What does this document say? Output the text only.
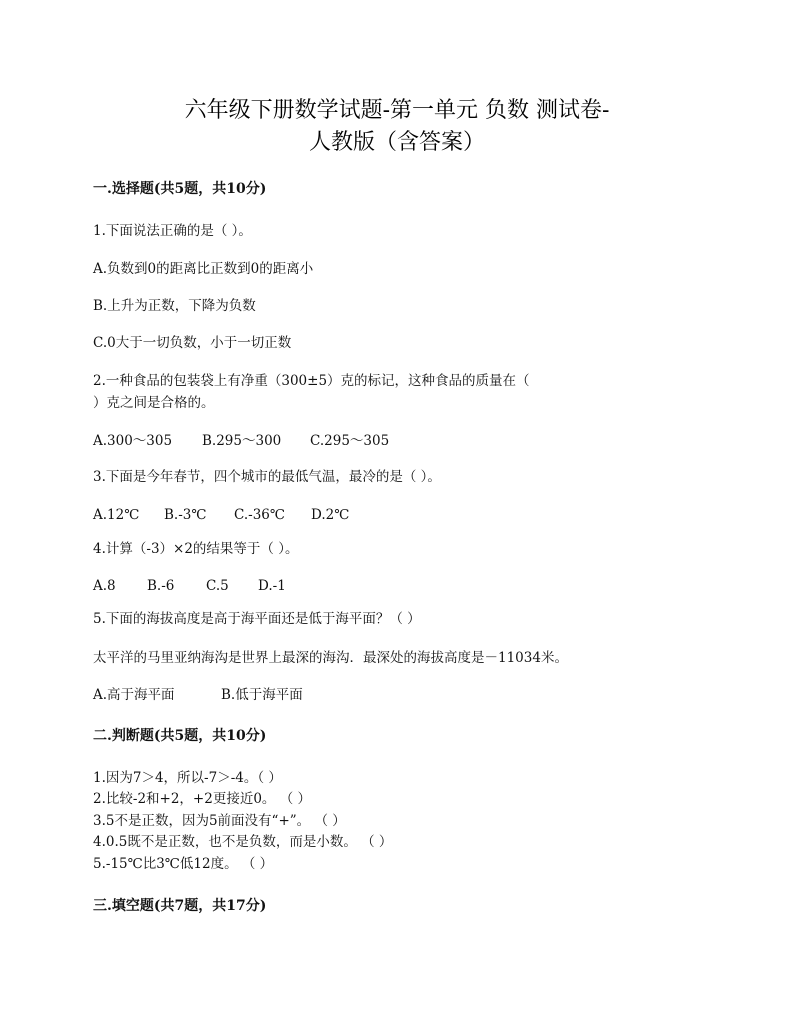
六年级下册数学试题-第一单元 负数 测试卷-
人教版（含答案）
一.选择题(共5题，共10分)
1.下面说法正确的是（ ）。
A.负数到0的距离比正数到0的距离小
B.上升为正数，下降为负数
C.0大于一切负数，小于一切正数
2.一种食品的包装袋上有净重（300±5）克的标记，这种食品的质量在（
）克之间是合格的。
A.300～305 B.295～300 C.295～305
3.下面是今年春节，四个城市的最低气温，最冷的是（ ）。
A.12℃ B.-3℃ C.-36℃ D.2℃
4.计算（-3）×2的结果等于（ ）。
A.8 B.-6 C.5 D.-1
5.下面的海拔高度是高于海平面还是低于海平面？（ ）
太平洋的马里亚纳海沟是世界上最深的海沟．最深处的海拔高度是－11034米。
A.高于海平面	B.低于海平面
二.判断题(共5题，共10分)
1.因为7＞4，所以-7＞-4。（ ）
2.比较-2和+2，+2更接近0。 （ ）
3.5不是正数，因为5前面没有“+”。 （ ）
4.0.5既不是正数，也不是负数，而是小数。 （ ）
5.-15℃比3℃低12度。 （ ）
三.填空题(共7题，共17分)
